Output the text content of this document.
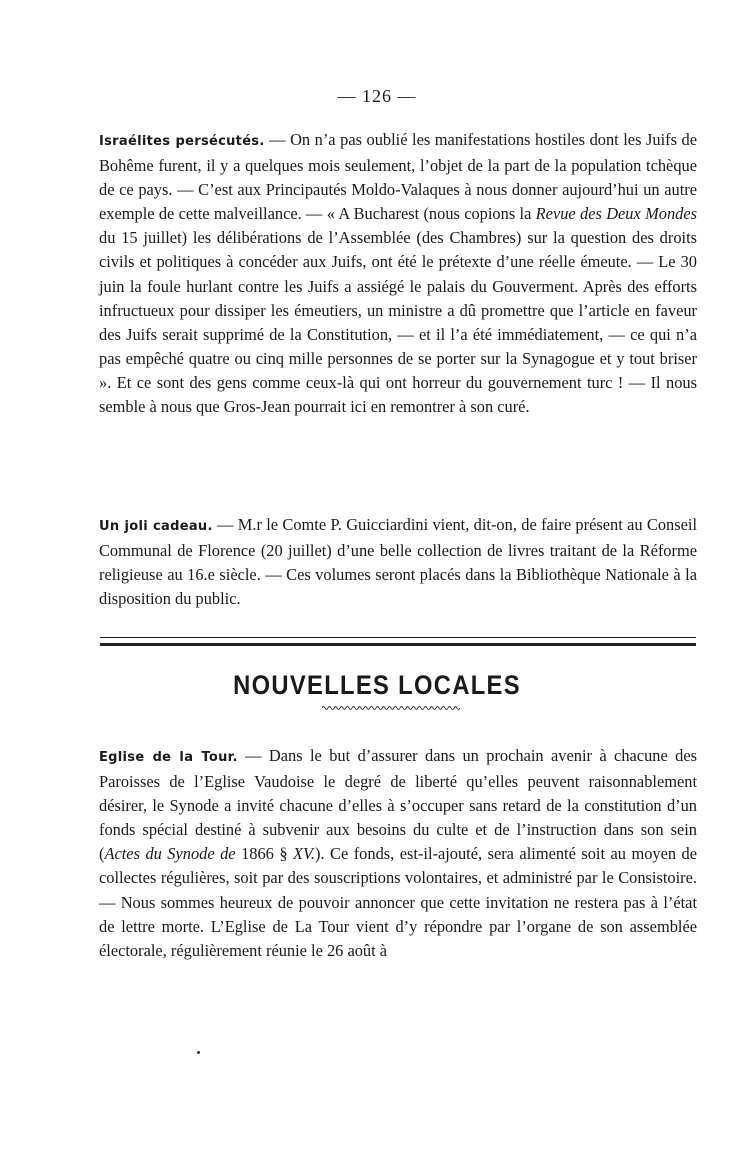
— 126 —

Israélites persécutés. — On n’a pas oublié les manifestations hostiles dont les Juifs de Bohême furent, il y a quelques mois seulement, l’objet de la part de la population tchèque de ce pays. — C’est aux Principautés Moldo-Valaques à nous donner aujourd’hui un autre exemple de cette malveillance. — « A Bucharest (nous copions la Revue des Deux Mondes du 15 juillet) les délibérations de l’Assemblée (des Chambres) sur la question des droits civils et politiques à concéder aux Juifs, ont été le prétexte d’une réelle émeute. — Le 30 juin la foule hurlant contre les Juifs a assiégé le palais du Gouverment. Après des efforts infructueux pour dissiper les émeutiers, un ministre a dû promettre que l’article en faveur des Juifs serait supprimé de la Constitution, — et il l’a été immédiatement, — ce qui n’a pas empêché quatre ou cinq mille personnes de se porter sur la Synagogue et y tout briser ». Et ce sont des gens comme ceux-là qui ont horreur du gouvernement turc ! — Il nous semble à nous que Gros-Jean pourrait ici en remontrer à son curé.

Un joli cadeau. — M.r le Comte P. Guicciardini vient, dit-on, de faire présent au Conseil Communal de Florence (20 juillet) d’une belle collection de livres traitant de la Réforme religieuse au 16.e siècle. — Ces volumes seront placés dans la Bibliothèque Nationale à la disposition du public.

NOUVELLES LOCALES

Eglise de la Tour. — Dans le but d’assurer dans un prochain avenir à chacune des Paroisses de l’Eglise Vaudoise le degré de liberté qu’elles peuvent raisonnablement désirer, le Synode a invité chacune d’elles à s’occuper sans retard de la constitution d’un fonds spécial destiné à subvenir aux besoins du culte et de l’instruction dans son sein (Actes du Synode de 1866 § XV.). Ce fonds, est-il-ajouté, sera alimenté soit au moyen de collectes régulières, soit par des souscriptions volontaires, et administré par le Consistoire. — Nous sommes heureux de pouvoir annoncer que cette invitation ne restera pas à l’état de lettre morte. L’Eglise de La Tour vient d’y répondre par l’organe de son assemblée électorale, régulièrement réunie le 26 août à
